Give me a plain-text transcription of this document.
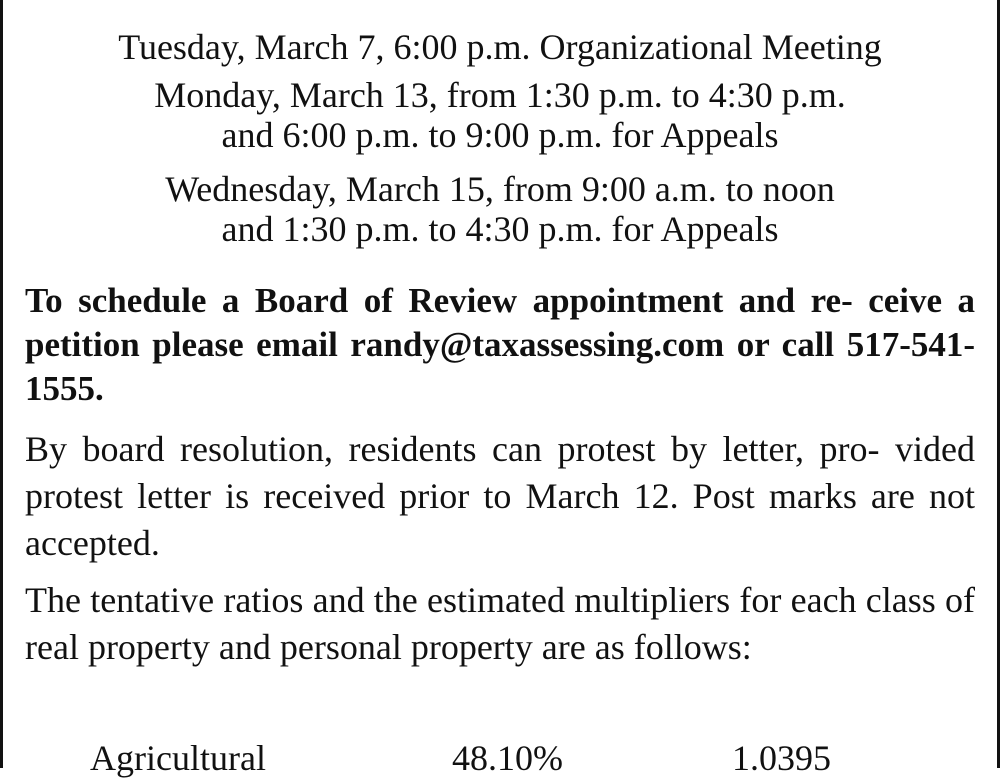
Tuesday, March 7, 6:00 p.m. Organizational Meeting
Monday, March 13, from 1:30 p.m. to 4:30 p.m.
and 6:00 p.m. to 9:00 p.m. for Appeals
Wednesday, March 15, from 9:00 a.m. to noon
and 1:30 p.m. to 4:30 p.m. for Appeals
To schedule a Board of Review appointment and re- ceive a petition please email randy@taxassessing.com or call 517-541-1555.
By board resolution, residents can protest by letter, pro- vided protest letter is received prior to March 12. Post marks are not accepted.
The tentative ratios and the estimated multipliers for each class of real property and personal property are as follows:
Agricultural	48.10%	1.0395
